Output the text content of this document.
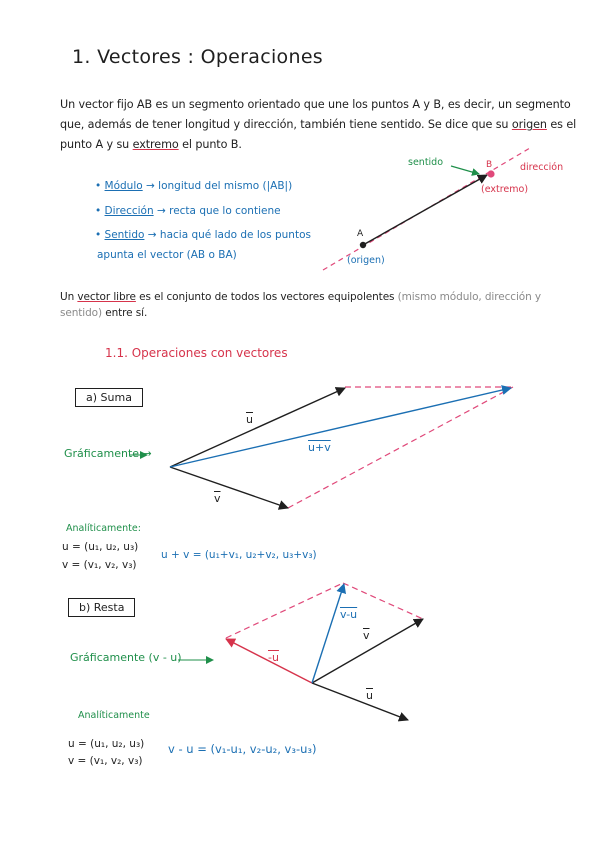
1. Vectores : Operaciones
Un vector fijo AB es un segmento orientado que une los puntos A y B, es decir, un segmento
que, además de tener longitud y dirección, también tiene sentido. Se dice que su origen es el
punto A y su extremo el punto B.
• Módulo → longitud del mismo (|AB|)
• Dirección → recta que lo contiene
• Sentido → hacia qué lado de los puntos
apunta el vector (AB o BA)
A
B
(origen)
(extremo)
sentido	dirección
Un vector libre es el conjunto de todos los vectores equipolentes (mismo módulo, dirección y
sentido) entre sí.
1.1. Operaciones con vectores
a) Suma
Gráficamente →
$\overline{u}$
$\overline{v}$
u+v
Analíticamente:
u = (u₁, u₂, u₃)
v = (v₁, v₂, v₃)
u + v = (u₁+v₁, u₂+v₂, u₃+v₃)
b) Resta
Gráficamente (v - u)
v-u
-u
$\overline{v}$
$\overline{u}$
Analíticamente
u = (u₁, u₂, u₃)
v = (v₁, v₂, v₃)
v - u = (v₁-u₁, v₂-u₂, v₃-u₃)
